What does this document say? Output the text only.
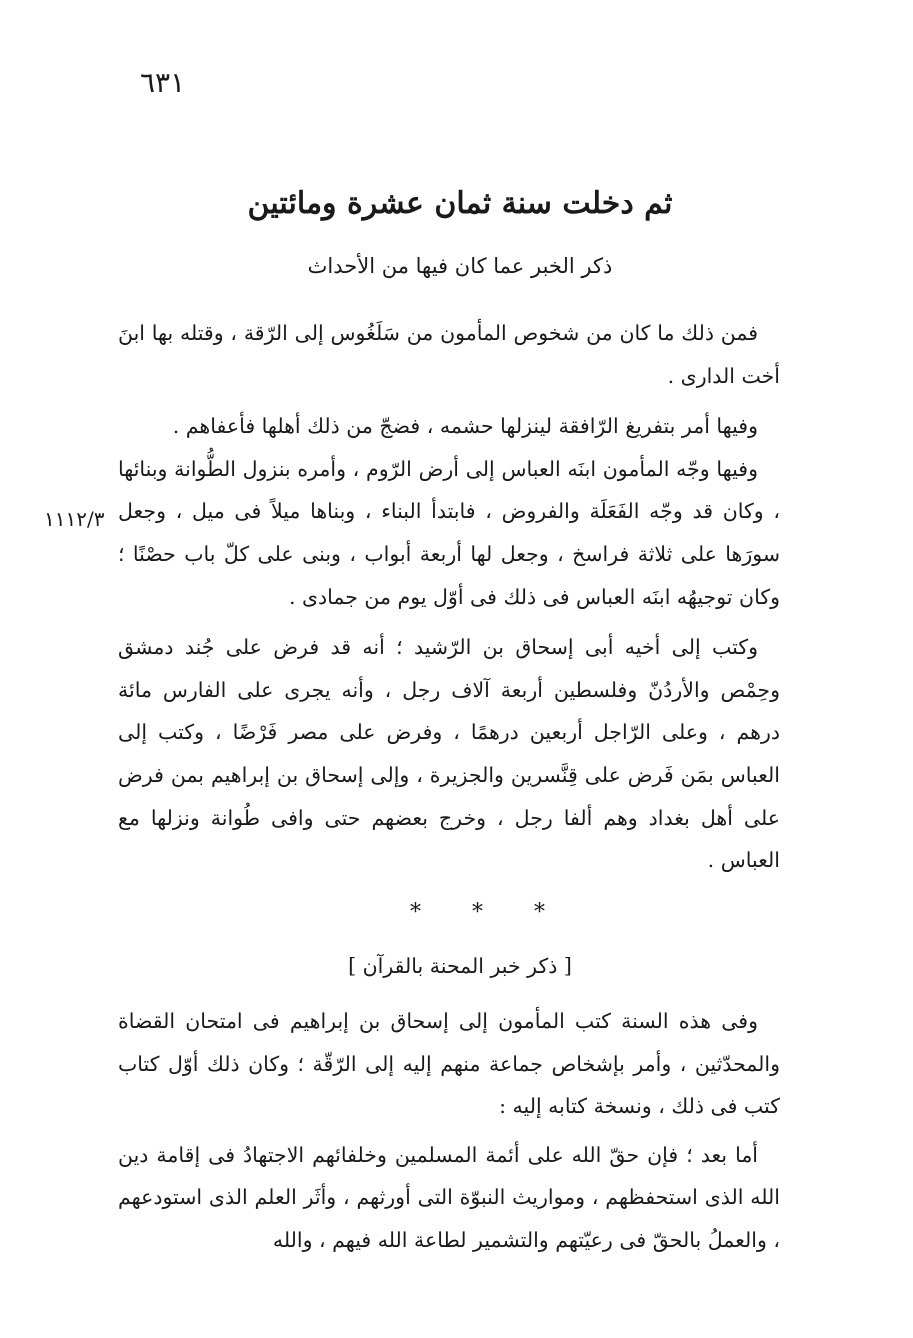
٦٣١
١١١٢/٣
ثم دخلت سنة ثمان عشرة ومائتين
ذكر الخبر عما كان فيها من الأحداث

فمن ذلك ما كان من شخوص المأمون من سَلَغُوس إلى الرّقة ، وقتله بها ابنَ أخت الدارى .

وفيها أمر بتفريغ الرّافقة لينزلها حشمه ، فضجّ من ذلك أهلها فأعفاهم .

وفيها وجّه المأمون ابنَه العباس إلى أرض الرّوم ، وأمره بنزول الطُّوانة وبنائها ، وكان قد وجّه الفَعَلَة والفروض ، فابتدأ البناء ، وبناها ميلاً فى ميل ، وجعل سورَها على ثلاثة فراسخ ، وجعل لها أربعة أبواب ، وبنى على كلّ باب حصْنًا ؛ وكان توجيهُه ابنَه العباس فى ذلك فى أوّل يوم من جمادى .

وكتب إلى أخيه أبى إسحاق بن الرّشيد ؛ أنه قد فرض على جُند دمشق وحِمْص والأردُنّ وفلسطين أربعة آلاف رجل ، وأنه يجرى على الفارس مائة درهم ، وعلى الرّاجل أربعين درهمًا ، وفرض على مصر فَرْضًا ، وكتب إلى العباس بمَن فَرض على قِنَّسرين والجزيرة ، وإلى إسحاق بن إبراهيم بمن فرض على أهل بغداد وهم ألفا رجل ، وخرج بعضهم حتى وافى طُوانة ونزلها مع العباس .

* * *
[ ذكر خبر المحنة بالقرآن ]

وفى هذه السنة كتب المأمون إلى إسحاق بن إبراهيم فى امتحان القضاة والمحدّثين ، وأمر بإشخاص جماعة منهم إليه إلى الرّقّة ؛ وكان ذلك أوّل كتاب كتب فى ذلك ، ونسخة كتابه إليه :

أما بعد ؛ فإن حقّ الله على أئمة المسلمين وخلفائهم الاجتهادُ فى إقامة دين الله الذى استحفظهم ، ومواريث النبوّة التى أورثهم ، وأثَر العلم الذى استودعهم ، والعملُ بالحقّ فى رعيّتهم والتشمير لطاعة الله فيهم ، والله
